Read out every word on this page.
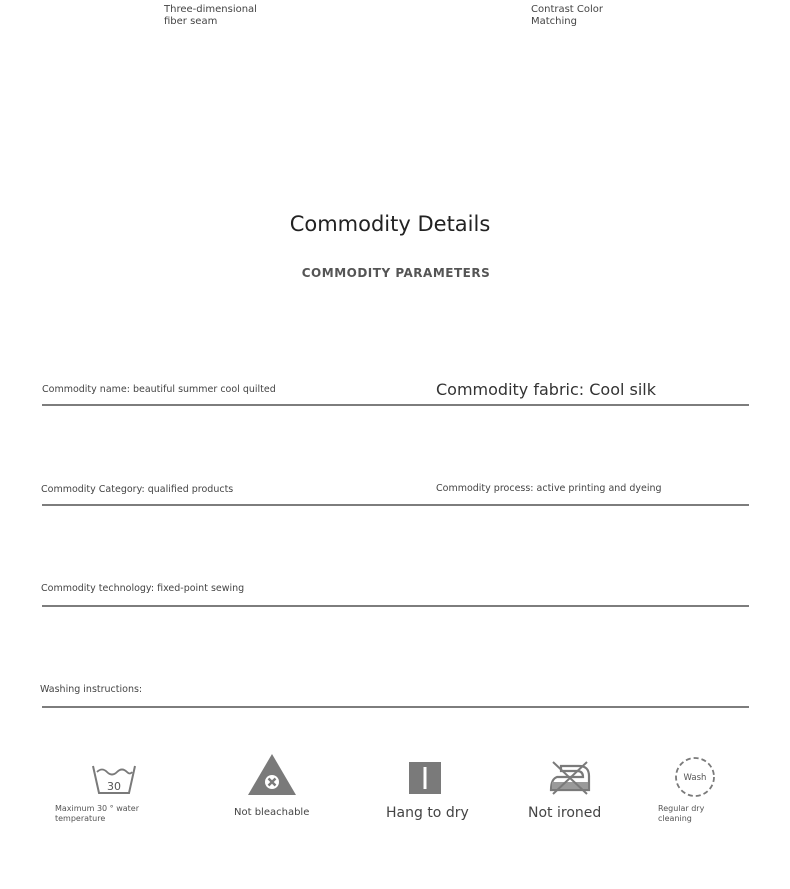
Three-dimensional
fiber seam
Contrast Color
Matching
Commodity Details
COMMODITY PARAMETERS
Commodity name: beautiful summer cool quilted	Commodity fabric: Cool silk
Commodity Category: qualified products	Commodity process: active printing and dyeing
Commodity technology: fixed-point sewing
Washing instructions:
30
Maximum 30 ° water
temperature
Not bleachable	Hang to dry	Not ironed
Wash
Regular dry
cleaning
